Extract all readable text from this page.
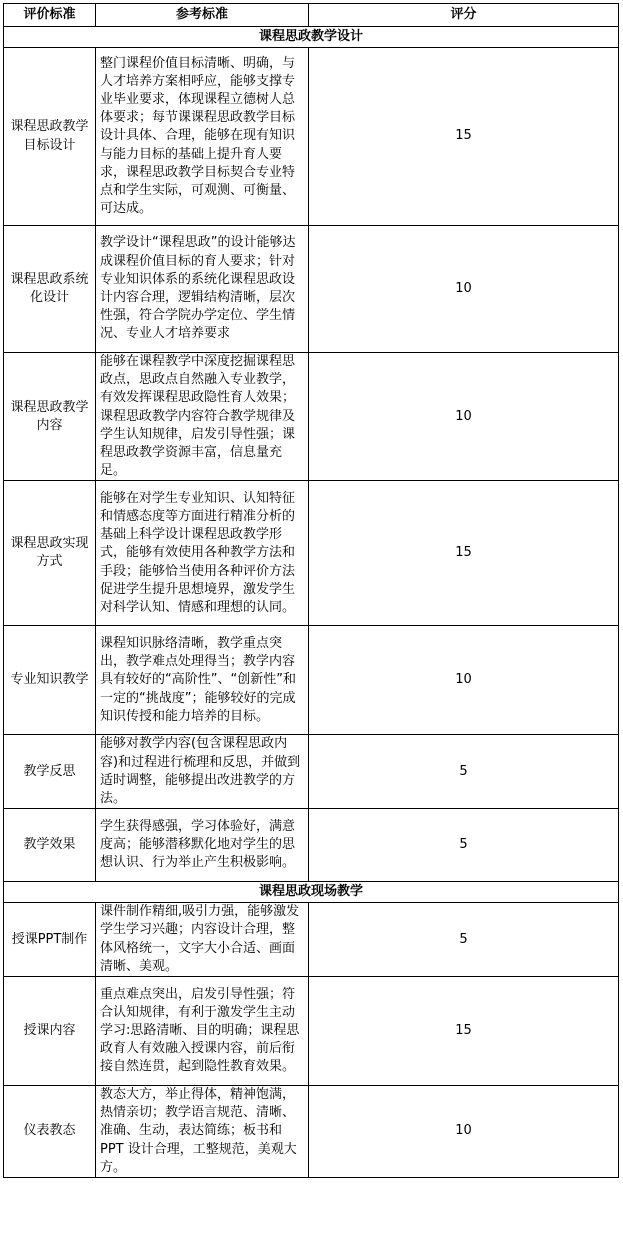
评价标准	参考标准	评分
课程思政教学设计		
课程思政教学目标设计	整门课程价值目标清晰、明确，与人才培养方案相呼应，能够支撑专业毕业要求，体现课程立德树人总体要求；每节课课程思政教学目标设计具体、合理，能够在现有知识与能力目标的基础上提升育人要求，课程思政教学目标契合专业特点和学生实际，可观测、可衡量、可达成。	15
课程思政系统化设计	教学设计“课程思政”的设计能够达成课程价值目标的育人要求；针对专业知识体系的系统化课程思政设计内容合理，逻辑结构清晰，层次性强，符合学院办学定位、学生情况、专业人才培养要求	10
课程思政教学内容	能够在课程教学中深度挖掘课程思政点，思政点自然融入专业教学，有效发挥课程思政隐性育人效果；课程思政教学内容符合教学规律及学生认知规律，启发引导性强；课程思政教学资源丰富，信息量充足。	10
课程思政实现方式	能够在对学生专业知识、认知特征和情感态度等方面进行精准分析的基础上科学设计课程思政教学形式，能够有效使用各种教学方法和手段；能够恰当使用各种评价方法促进学生提升思想境界，激发学生对科学认知、情感和理想的认同。	15
专业知识教学	课程知识脉络清晰，教学重点突出，教学难点处理得当；教学内容具有较好的“高阶性”、“创新性”和一定的“挑战度”；能够较好的完成知识传授和能力培养的目标。	10
教学反思	能够对教学内容(包含课程思政内容)和过程进行梳理和反思，并做到适时调整，能够提出改进教学的方法。	5
教学效果	学生获得感强，学习体验好，满意度高；能够潜移默化地对学生的思想认识、行为举止产生积极影响。	5
课程思政现场教学		
授课PPT制作	课件制作精细,吸引力强，能够激发学生学习兴趣；内容设计合理，整体风格统一，文字大小合适、画面清晰、美观。	5
授课内容	重点难点突出，启发引导性强；符合认知规律，有利于激发学生主动学习:思路清晰、目的明确；课程思政育人有效融入授课内容，前后衔接自然连贯，起到隐性教育效果。	15
仪表教态	教态大方，举止得体，精神饱满，热情亲切；教学语言规范、清晰、准确、生动，表达简练；板书和 PPT 设计合理，工整规范，美观大方。	10
